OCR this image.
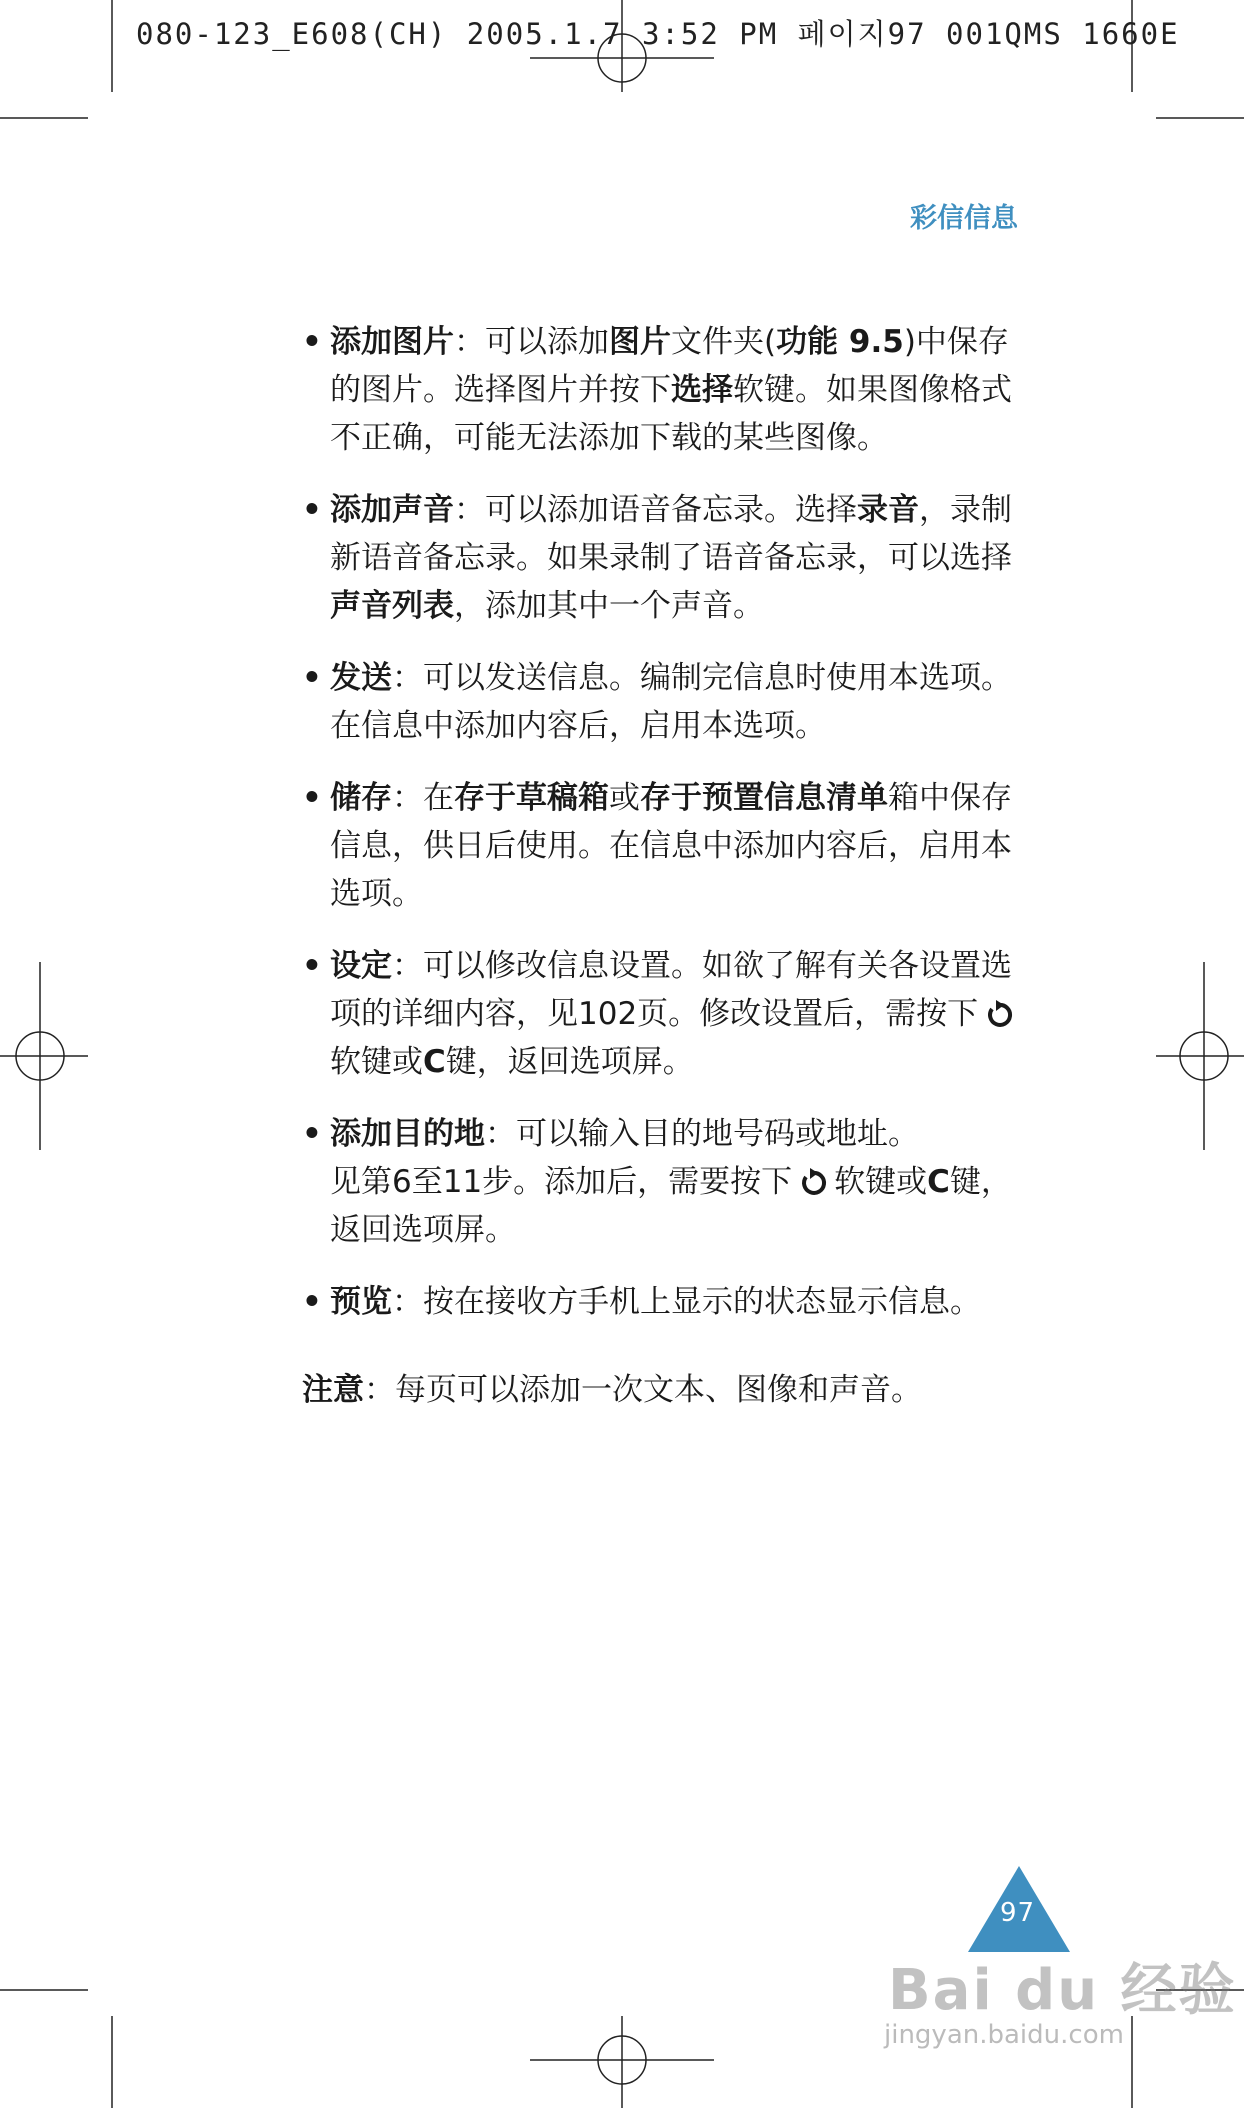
080-123_E608(CH) 2005.1.7 3:52 PM 페이지97 001QMS 1660E
彩信信息
• 添加图片：可以添加图片文件夹(功能 9.5)中保存的图片。选择图片并按下选择软键。如果图像格式不正确，可能无法添加下载的某些图像。
• 添加声音：可以添加语音备忘录。选择录音，录制新语音备忘录。如果录制了语音备忘录，可以选择声音列表，添加其中一个声音。
• 发送：可以发送信息。编制完信息时使用本选项。在信息中添加内容后，启用本选项。
• 储存：在存于草稿箱或存于预置信息清单箱中保存信息，供日后使用。在信息中添加内容后，启用本选项。
• 设定：可以修改信息设置。如欲了解有关各设置选项的详细内容，见102页。修改设置后，需按下软键或C键，返回选项屏。
• 添加目的地：可以输入目的地号码或地址。
见第6至11步。添加后，需要按下 软键或C键，返回选项屏。
• 预览：按在接收方手机上显示的状态显示信息。
注意：每页可以添加一次文本、图像和声音。
97
Bai du 经验
jingyan.baidu.com
